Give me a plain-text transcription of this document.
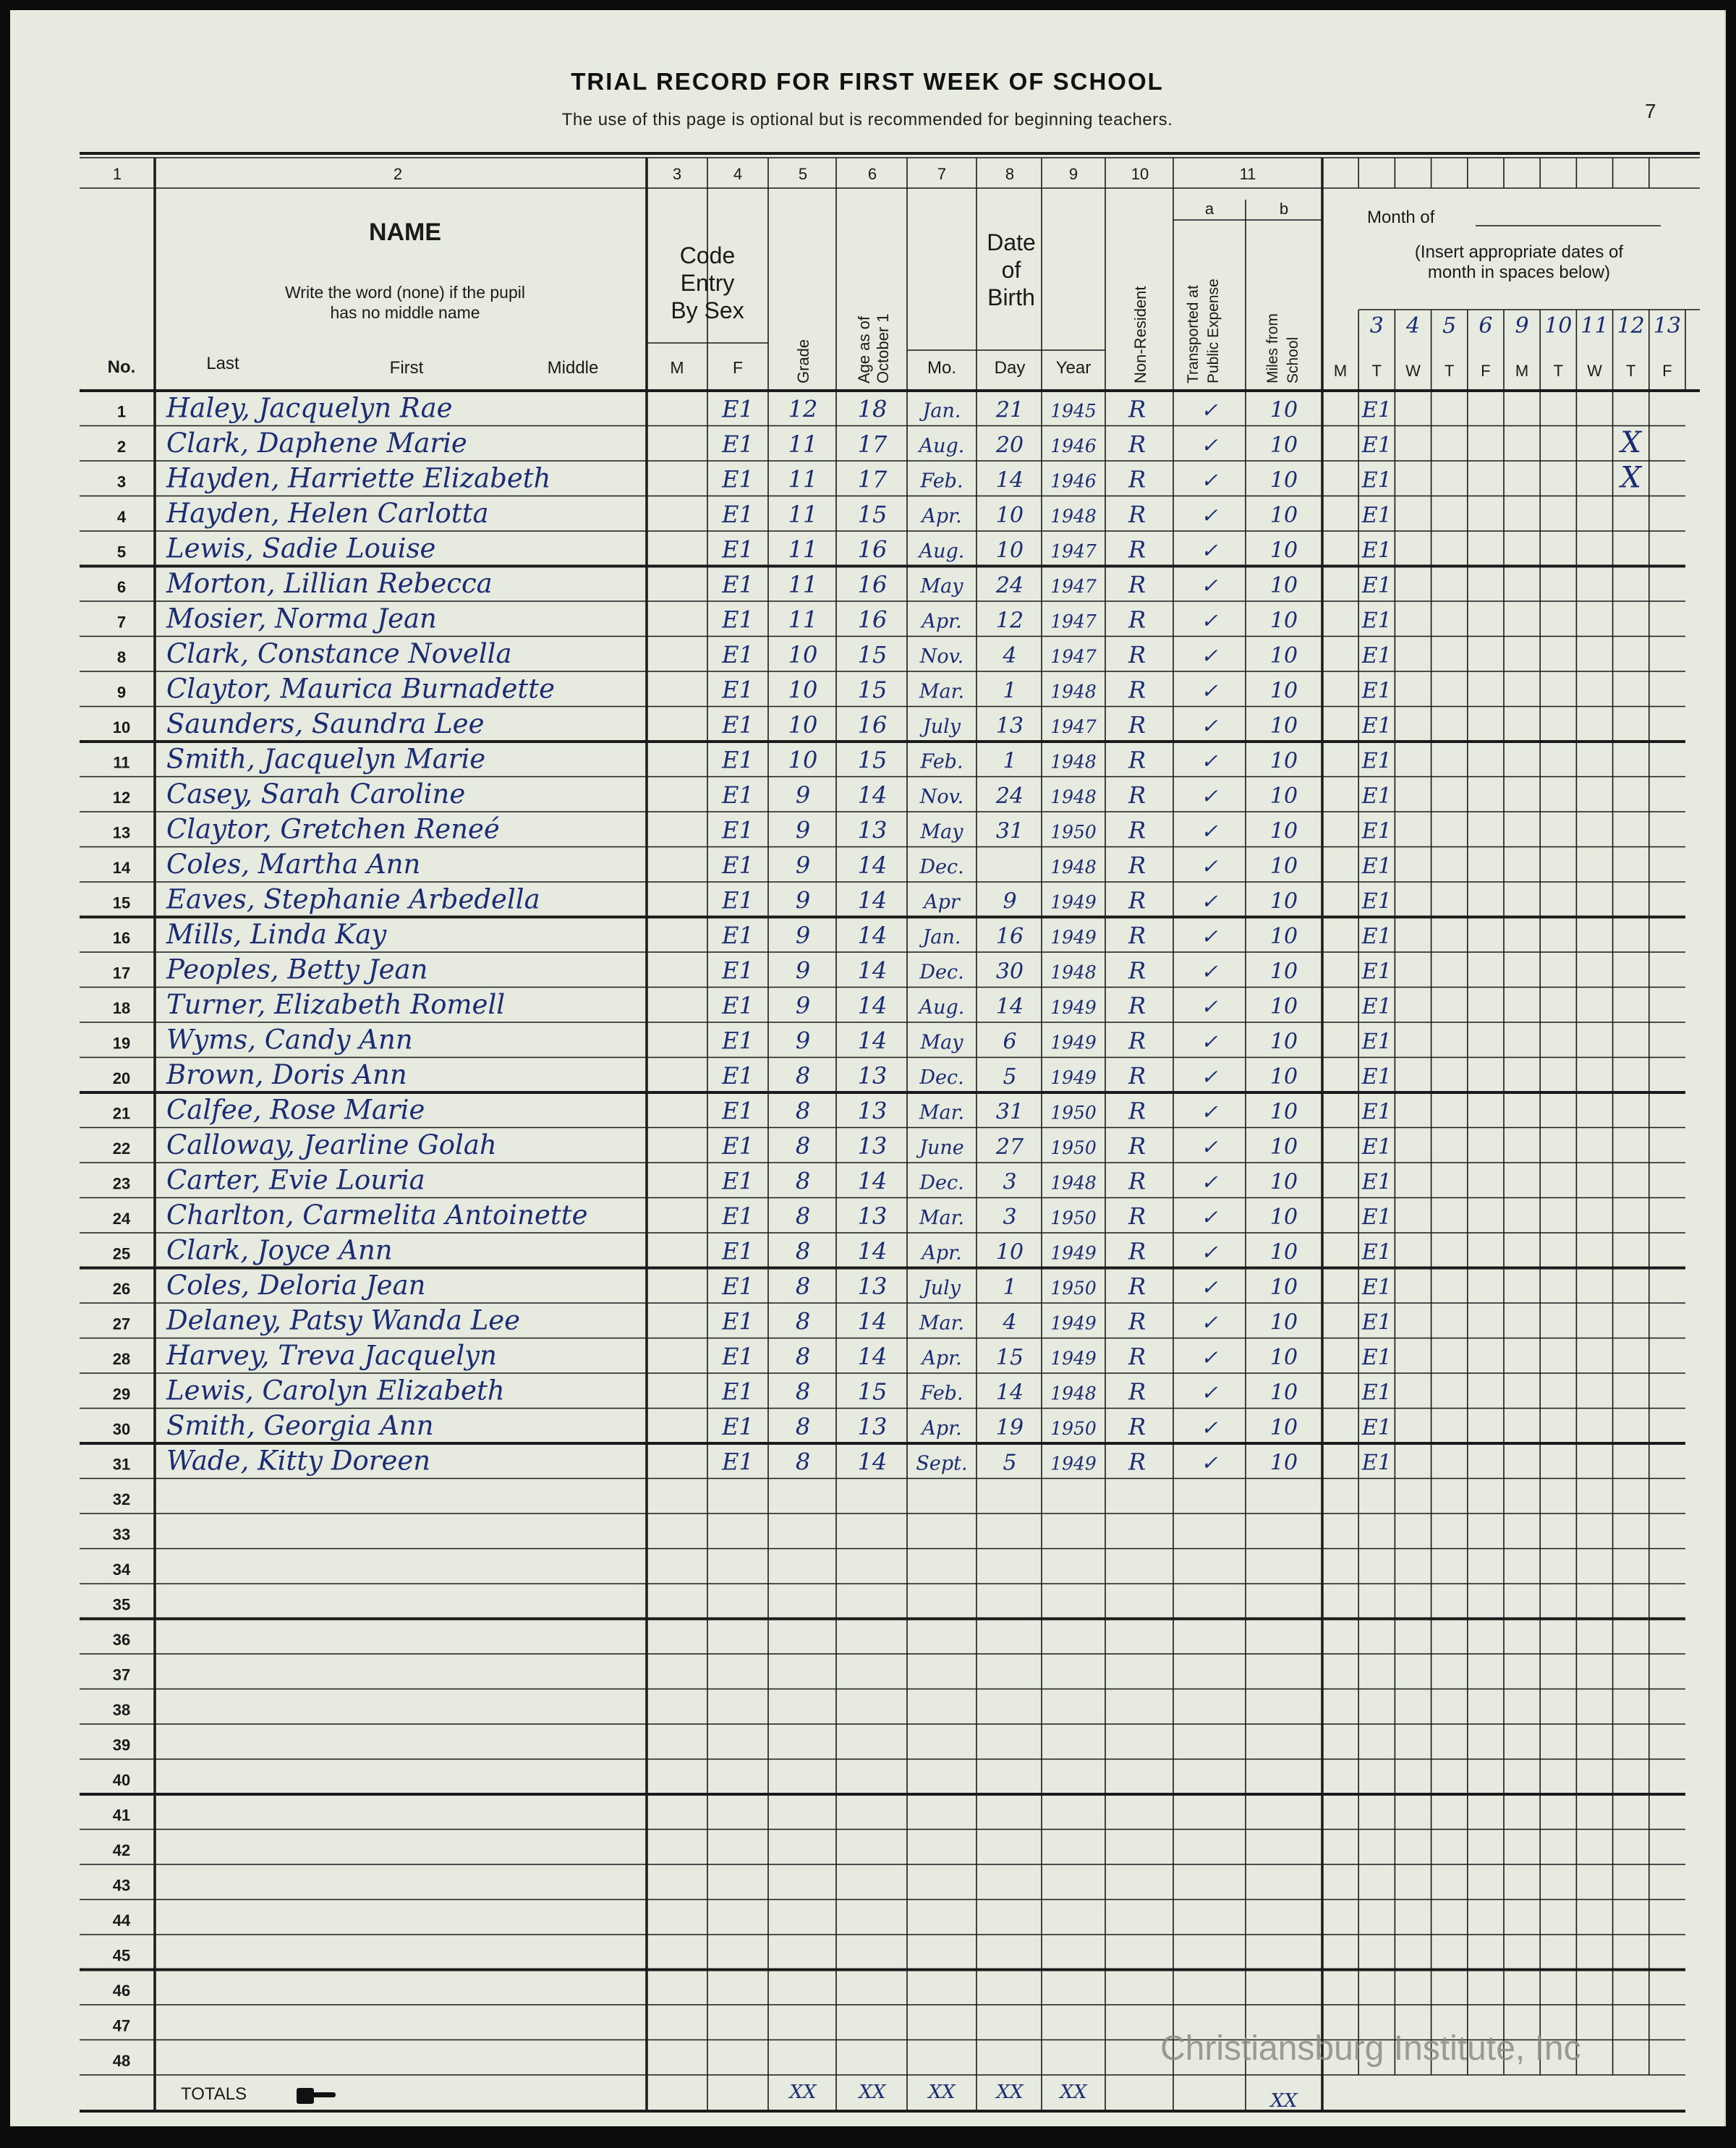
TRIAL RECORD FOR FIRST WEEK OF SCHOOL
The use of this page is optional but is recommended for beginning teachers.	7
1	2	3	4	5	6	7	8	9	10	11
NAME
Write the word (none) if the pupil
has no middle name
No.	Last	First	Middle
Code
Entry
By Sex
M	F	Grade	Age as of October 1
Date
of
Birth
Mo. Day Year	Non-Resident
a	b
Transported at Public Expense	Miles from School
Month of
(Insert appropriate dates of
month in spaces below)
3 4 5 6 9 10 11 12 13
M T W T F M T W T F
1 Haley, Jacquelyn Rae	E1 12 18 Jan. 21 1945 R	✓ 10	E1
2 Clark, Daphene Marie	E1 11 17 Aug. 20 1946 R	✓ 10	E1	X
3 Hayden, Harriette Elizabeth	E1 11 17 Feb. 14 1946 R	✓ 10	E1	X
4 Hayden, Helen Carlotta	E1 11 15 Apr. 10 1948 R	✓ 10	E1
5 Lewis, Sadie Louise	E1 11 16 Aug. 10 1947 R	✓ 10	E1
6 Morton, Lillian Rebecca	E1 11 16 May 24 1947 R	✓ 10	E1
7 Mosier, Norma Jean	E1 11 16 Apr. 12 1947 R	✓ 10	E1
8 Clark, Constance Novella	E1 10 15 Nov. 4 1947 R	✓ 10	E1
9 Claytor, Maurica Burnadette	E1 10 15 Mar. 1 1948 R	✓ 10	E1
10 Saunders, Saundra Lee	E1 10 16 July 13 1947 R	✓ 10	E1
11 Smith, Jacquelyn Marie	E1 10 15 Feb. 1 1948 R	✓ 10	E1
12 Casey, Sarah Caroline	E1 9 14 Nov. 24 1948 R	✓ 10	E1
13 Claytor, Gretchen Reneé	E1 9 13 May 31 1950 R	✓ 10	E1
14 Coles, Martha Ann	E1 9 14 Dec.	1948 R	✓ 10	E1
15 Eaves, Stephanie Arbedella	E1 9 14 Apr 9 1949 R	✓ 10	E1
16 Mills, Linda Kay	E1 9 14 Jan. 16 1949 R	✓ 10	E1
17 Peoples, Betty Jean	E1 9 14 Dec. 30 1948 R	✓ 10	E1
18 Turner, Elizabeth Romell	E1 9 14 Aug. 14 1949 R	✓ 10	E1
19 Wyms, Candy Ann	E1 9 14 May 6 1949 R	✓ 10	E1
20 Brown, Doris Ann	E1 8 13 Dec. 5 1949 R	✓ 10	E1
21 Calfee, Rose Marie	E1 8 13 Mar. 31 1950 R	✓ 10	E1
22 Calloway, Jearline Golah	E1 8 13 June 27 1950 R	✓ 10	E1
23 Carter, Evie Louria	E1 8 14 Dec. 3 1948 R	✓ 10	E1
24 Charlton, Carmelita Antoinette	E1 8 13 Mar. 3 1950 R	✓ 10	E1
25 Clark, Joyce Ann	E1 8 14 Apr. 10 1949 R	✓ 10	E1
26 Coles, Deloria Jean	E1 8 13 July 1 1950 R	✓ 10	E1
27 Delaney, Patsy Wanda Lee	E1 8 14 Mar. 4 1949 R	✓ 10	E1
28 Harvey, Treva Jacquelyn	E1 8 14 Apr. 15 1949 R	✓ 10	E1
29 Lewis, Carolyn Elizabeth	E1 8 15 Feb. 14 1948 R	✓ 10	E1
30 Smith, Georgia Ann	E1 8 13 Apr. 19 1950 R	✓ 10	E1
31 Wade, Kitty Doreen	E1 8 14 Sept. 5 1949 R	✓ 10	E1
32
33
34
35
36
37
38
39
40
41
42
43
44
45
46
47
48
TOTALS	XX XX XX XX XX	XX
Christiansburg Institute, Inc
